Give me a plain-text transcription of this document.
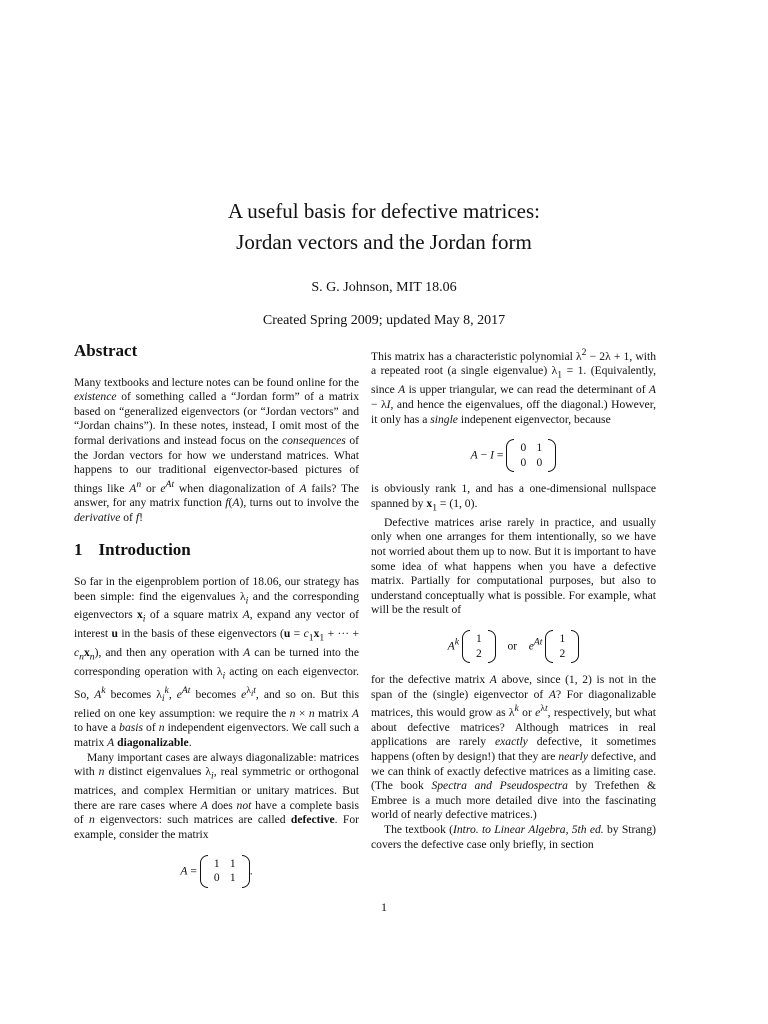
A useful basis for defective matrices:
Jordan vectors and the Jordan form
S. G. Johnson, MIT 18.06
Created Spring 2009; updated May 8, 2017
Abstract

Many textbooks and lecture notes can be found online for the existence of something called a “Jordan form” of a matrix based on “generalized eigenvectors (or “Jordan vectors” and “Jordan chains”). In these notes, instead, I omit most of the formal derivations and instead focus on the consequences of the Jordan vectors for how we understand matrices. What happens to our traditional eigenvector-based pictures of things like $A^n$ or $e^{At}$ when diagonalization of A fails? The answer, for any matrix function f(A), turns out to involve the derivative of f!

1 Introduction

So far in the eigenproblem portion of 18.06, our strategy has been simple: find the eigenvalues $\lambda_i$ and the corresponding eigenvectors $x_i$ of a square matrix A, expand any vector of interest u in the basis of these eigenvectors ($u = c_1x_1$ + ··· + $c_nx_n$), and then any operation with A can be turned into the corresponding operation with $\lambda_i$ acting on each eigenvector. So, $A^k$ becomes $\lambda_i^k$, $e^{At}$ becomes $e^{\lambda_it}$, and so on. But this relied on one key assumption: we require the n × n matrix A to have a basis of n independent eigenvectors. We call such a matrix A diagonalizable.

Many important cases are always diagonalizable: matrices with n distinct eigenvalues $\lambda_i$, real symmetric or orthogonal matrices, and complex Hermitian or unitary matrices. But there are rare cases where A does not have a complete basis of n eigenvectors: such matrices are called defective. For example, consider the matrix

A =
1 1
0 1
.

This matrix has a characteristic polynomial $\lambda^2 - 2\lambda + 1$, with a repeated root (a single eigenvalue) $\lambda_1 = 1$. (Equivalently, since A is upper triangular, we can read the determinant of A − λI, and hence the eigenvalues, off the diagonal.) However, it only has a single indepenent eigenvector, because

A − I =
0 1
0 0

is obviously rank 1, and has a one-dimensional nullspace spanned by $x_1 = (1$, 0).

Defective matrices arise rarely in practice, and usually only when one arranges for them intentionally, so we have not worried about them up to now. But it is important to have some idea of what happens when you have a defective matrix. Partially for computational purposes, but also to understand conceptually what is possible. For example, what will be the result of

$A^k$	1
2
or    $e^{At}$	1
2

for the defective matrix A above, since (1, 2) is not in the span of the (single) eigenvector of A? For diagonalizable matrices, this would grow as $\lambda^k$ or $e^{\lambda t}$, respectively, but what about defective matrices? Although matrices in real applications are rarely exactly defective, it sometimes happens (often by design!) that they are nearly defective, and we can think of exactly defective matrices as a limiting case. (The book Spectra and Pseudospectra by Trefethen & Embree is a much more detailed dive into the fascinating world of nearly defective matrices.)

The textbook (Intro. to Linear Algebra, 5th ed. by Strang) covers the defective case only briefly, in section

1
